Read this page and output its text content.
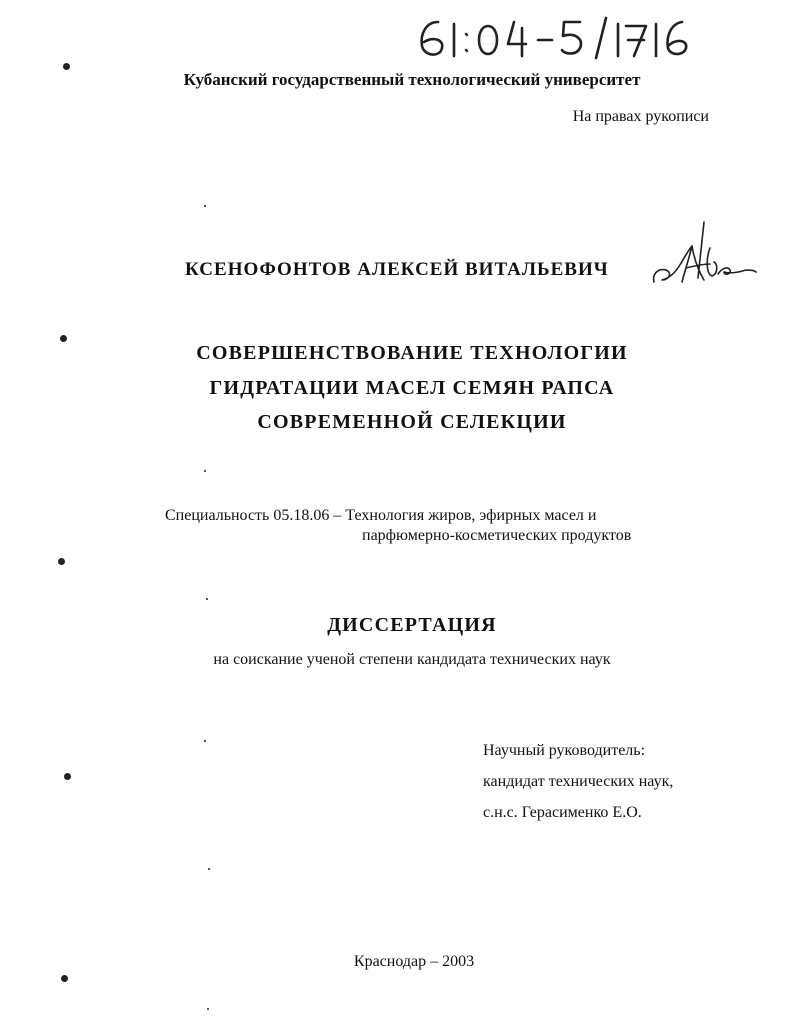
Кубанский государственный технологический университет
На правах рукописи
КСЕНОФОНТОВ АЛЕКСЕЙ ВИТАЛЬЕВИЧ
СОВЕРШЕНСТВОВАНИЕ ТЕХНОЛОГИИ
ГИДРАТАЦИИ МАСЕЛ СЕМЯН РАПСА
СОВРЕМЕННОЙ СЕЛЕКЦИИ
Специальность 05.18.06 – Технология жиров, эфирных масел и
парфюмерно-косметических продуктов
ДИССЕРТАЦИЯ
на соискание ученой степени кандидата технических наук
Научный руководитель:
кандидат технических наук,
с.н.с. Герасименко Е.О.
Краснодар – 2003
